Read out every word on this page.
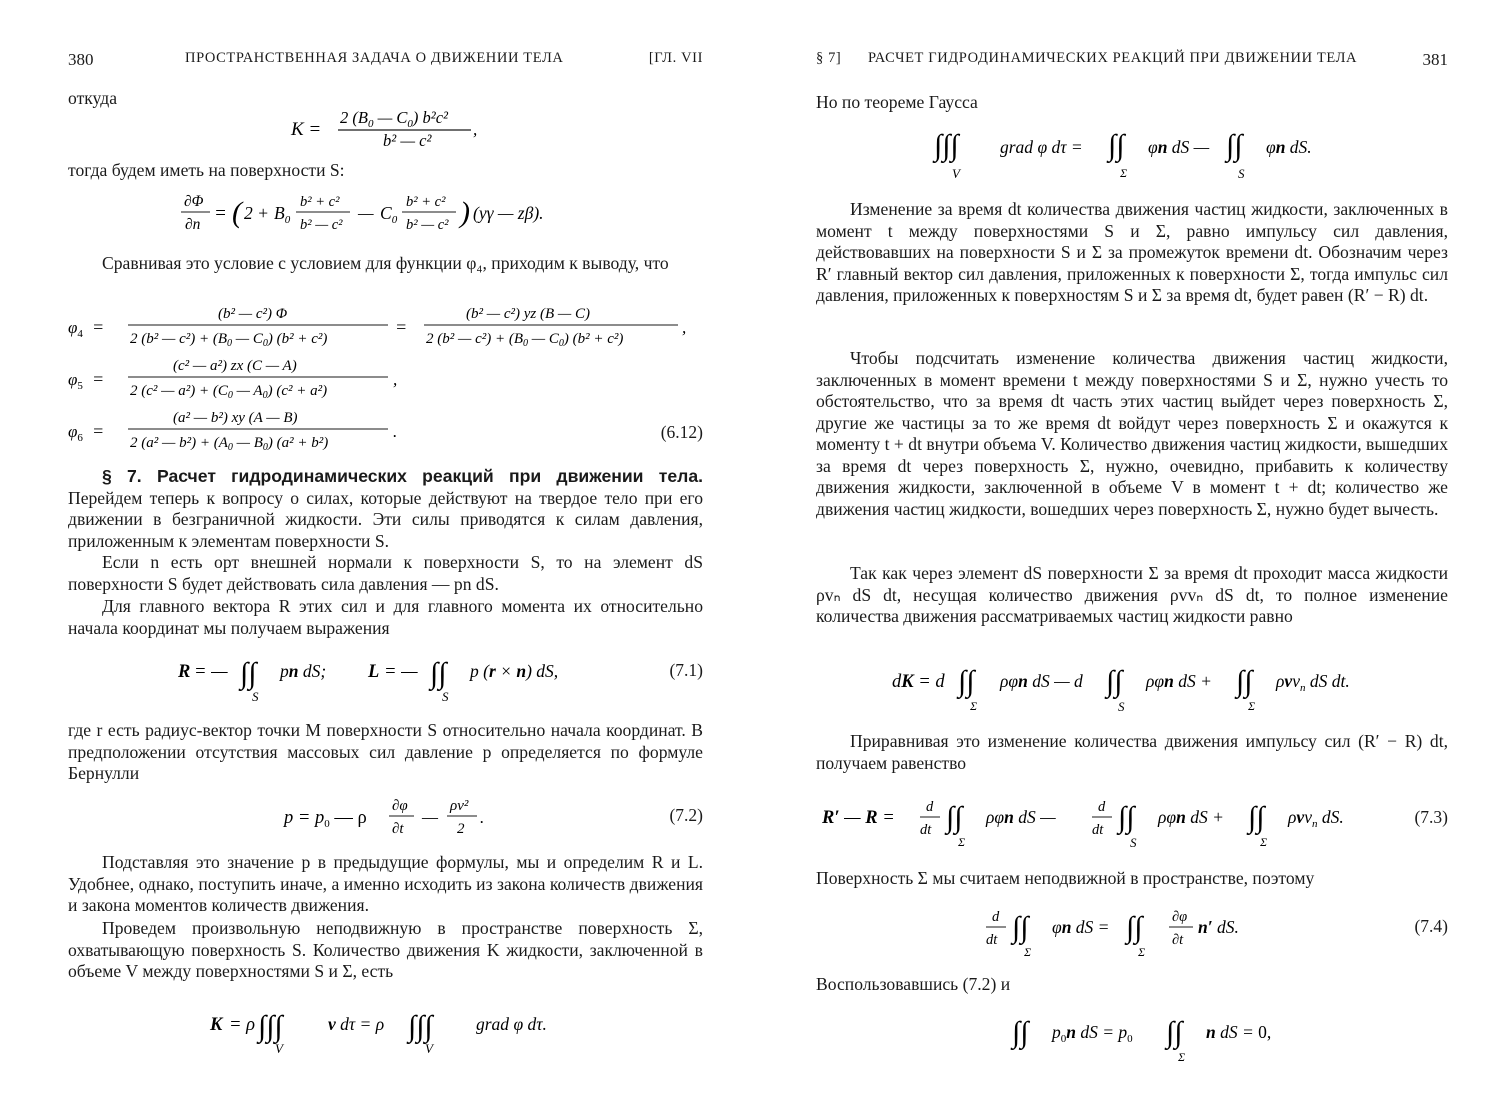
380	ПРОСТРАНСТВЕННАЯ ЗАДАЧА О ДВИЖЕНИИ ТЕЛА	[ГЛ. VII
откуда
K =
2 ($B_0$ — $C_0$) b²c²
b² — c²
,
тогда будем иметь на поверхности S:
∂Φ
∂n
= ( $2 + B_0$
b² + c²
b² — c²
— $C_0$
b² + c²
b² — c² ) (yγ — zβ).
Сравнивая это условие с условием для функции φ₄, приходим к выводу, что
$\varphi_4$ =
(b² — c²) Φ
2 (b² — $c^2) + (B_0$ — $C_0$) (b² + c²)
=
(b² — c²) yz (B — C)
2 (b² — $c^2) + (B_0$ — $C_0$) (b² + c²)
,
$\varphi_5$ =
(c² — a²) zx (C — A)
2 (c² — $a^2) + (C_0$ — $A_0$) (c² + a²)
,
$\varphi_6$ =
(a² — b²) xy (A — B)
2 (a² — $b^2) + (A_0$ — $B_0$) (a² + b²)
.	(6.12)
§ 7. Расчет гидродинамических реакций при движении тела. Перейдем теперь к вопросу о силах, которые действуют на твердое тело при его движении в безграничной жидкости. Эти силы приводятся к силам давления, приложенным к элементам поверхности S.
Если n есть орт внешней нормали к поверхности S, то на элемент dS поверхности S будет действовать сила давления — pn dS.
Для главного вектора R этих сил и для главного момента их относительно начала координат мы получаем выражения
R = — ∫∫
S
pn dS; L = — ∫∫
S
p (r × n) dS,	(7.1)
где r есть радиус-вектор точки M поверхности S относительно начала координат. В предположении отсутствия массовых сил давление p определяется по формуле Бернулли
$p = p_0$ — ρ
∂φ
∂t
—
ρv²
2
.	(7.2)
Подставляя это значение p в предыдущие формулы, мы и определим R и L. Удобнее, однако, поступить иначе, а именно исходить из закона количеств движения и закона моментов количеств движения.
Проведем произвольную неподвижную в пространстве поверхность Σ, охватывающую поверхность S. Количество движения K жидкости, заключенной в объеме V между поверхностями S и Σ, есть
K = ρ ∫∫∫
V
v dτ = ρ ∫∫∫
V
grad φ dτ.
§ 7] РАСЧЕТ ГИДРОДИНАМИЧЕСКИХ РЕАКЦИЙ ПРИ ДВИЖЕНИИ ТЕЛА	381
Но по теореме Гаусса
∫∫∫
V
grad φ dτ = ∫∫
Σ
φn dS — ∫∫
S
φn dS.
Изменение за время dt количества движения частиц жидкости, заключенных в момент t между поверхностями S и Σ, равно импульсу сил давления, действовавших на поверхности S и Σ за промежуток времени dt. Обозначим через R′ главный вектор сил давления, приложенных к поверхности Σ, тогда импульс сил давления, приложенных к поверхностям S и Σ за время dt, будет равен (R′ − R) dt.
Чтобы подсчитать изменение количества движения частиц жидкости, заключенных в момент времени t между поверхностями S и Σ, нужно учесть то обстоятельство, что за время dt часть этих частиц выйдет через поверхность Σ, другие же частицы за то же время dt войдут через поверхность Σ и окажутся к моменту t + dt внутри объема V. Количество движения частиц жидкости, вышедших за время dt через поверхность Σ, нужно, очевидно, прибавить к количеству движения жидкости, заключенной в объеме V в момент t + dt; количество же движения частиц жидкости, вошедших через поверхность Σ, нужно будет вычесть.
Так как через элемент dS поверхности Σ за время dt проходит масса жидкости ρvₙ dS dt, несущая количество движения ρvvₙ dS dt, то полное изменение количества движения рассматриваемых частиц жидкости равно
dK = d ∫∫
Σ
ρφn dS — d ∫∫
S
ρφn dS + ∫∫
Σ
ρvv$_n$ dS dt.
Приравнивая это изменение количества движения импульсу сил (R′ − R) dt, получаем равенство
R′ — R =
d
dt ∫∫
Σ
ρφn dS —	d
dt ∫∫
S
ρφn dS + ∫∫
Σ
ρvv$_n$ dS.	(7.3)
Поверхность Σ мы считаем неподвижной в пространстве, поэтому
d
dt ∫∫
Σ
φn dS = ∫∫
Σ
∂φ
∂t
n′ dS.	(7.4)
Воспользовавшись (7.2) и
∫∫ $p_0n$ dS = $p_0$ ∫∫
Σ
n dS = 0,
